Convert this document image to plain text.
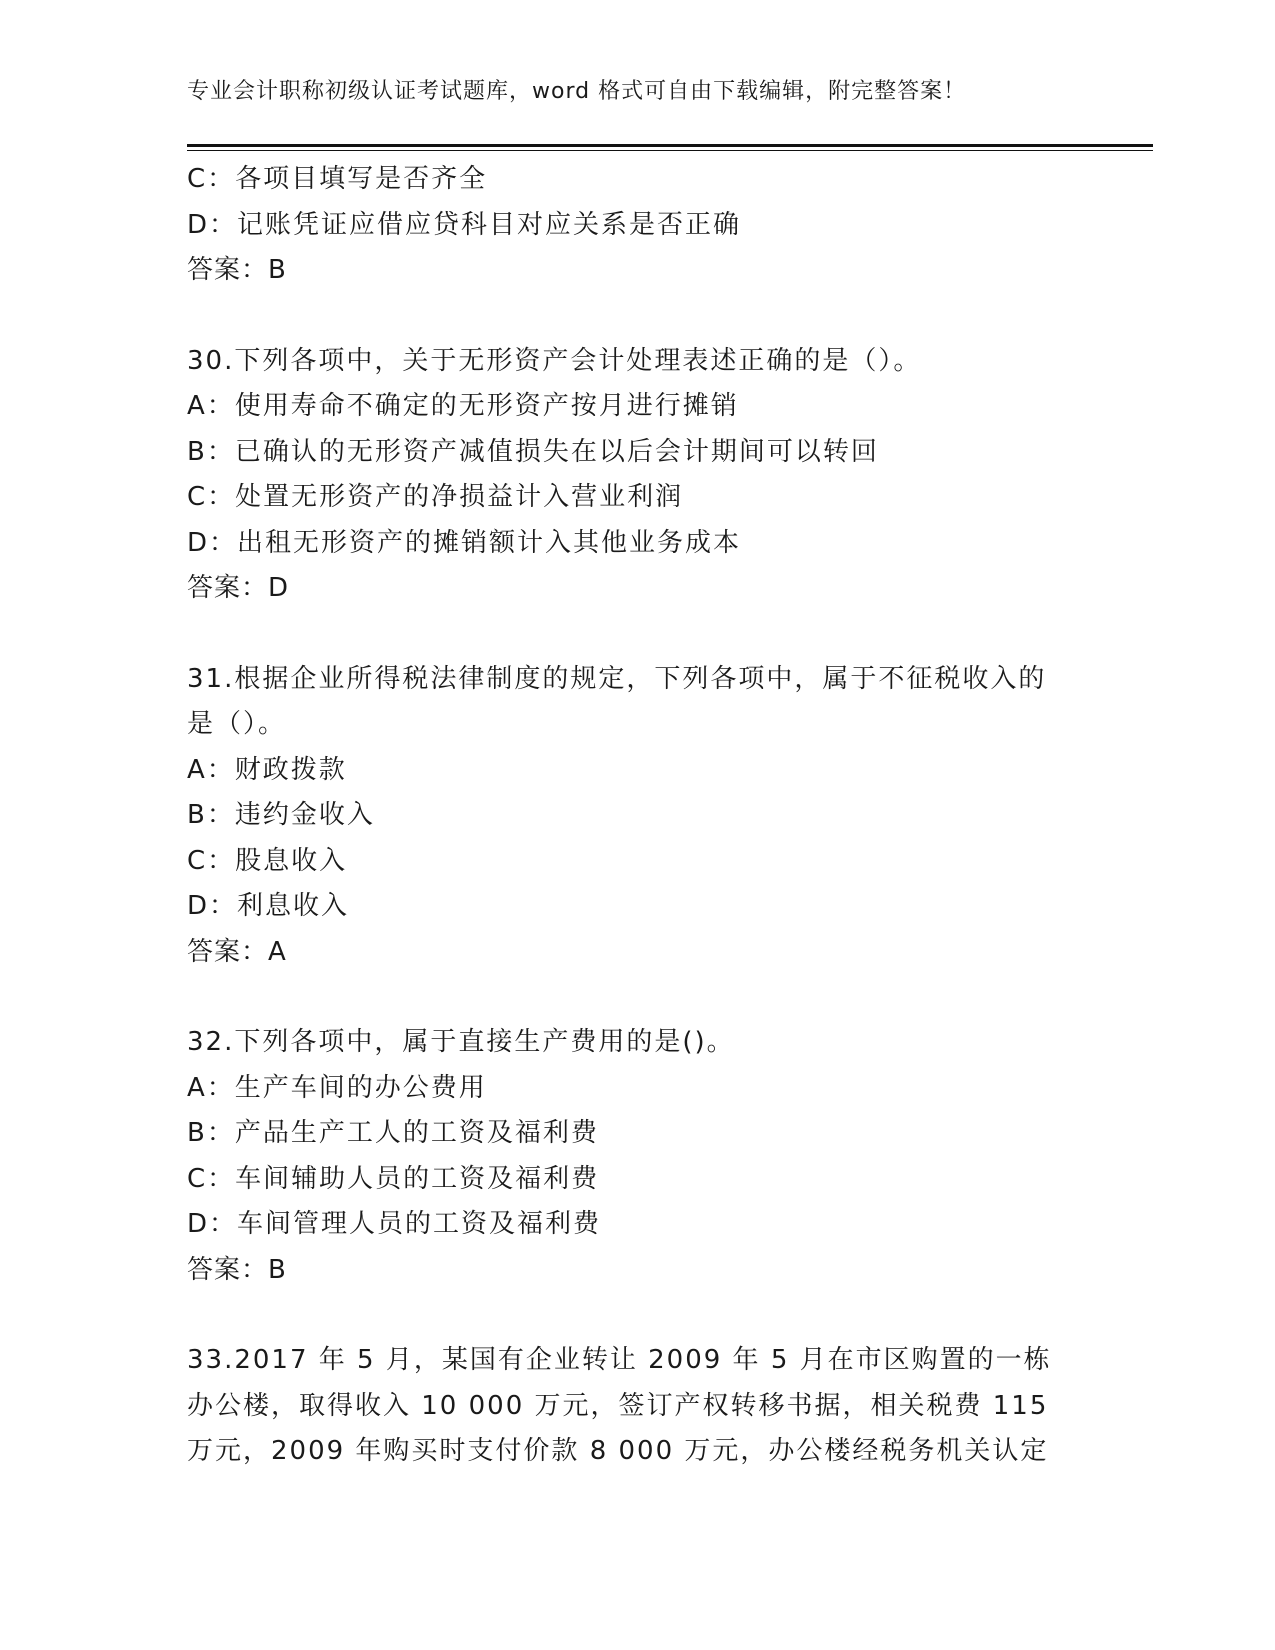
专业会计职称初级认证考试题库，word 格式可自由下载编辑，附完整答案！
C：各项目填写是否齐全
D：记账凭证应借应贷科目对应关系是否正确
答案：B
30.下列各项中，关于无形资产会计处理表述正确的是（）。
A：使用寿命不确定的无形资产按月进行摊销
B：已确认的无形资产减值损失在以后会计期间可以转回
C：处置无形资产的净损益计入营业利润
D：出租无形资产的摊销额计入其他业务成本
答案：D
31.根据企业所得税法律制度的规定，下列各项中，属于不征税收入的
是（）。
A：财政拨款
B：违约金收入
C：股息收入
D：利息收入
答案：A
32.下列各项中，属于直接生产费用的是()。
A：生产车间的办公费用
B：产品生产工人的工资及福利费
C：车间辅助人员的工资及福利费
D：车间管理人员的工资及福利费
答案：B
33.2017 年 5 月，某国有企业转让 2009 年 5 月在市区购置的一栋
办公楼，取得收入 10 000 万元，签订产权转移书据，相关税费 115
万元，2009 年购买时支付价款 8 000 万元，办公楼经税务机关认定
